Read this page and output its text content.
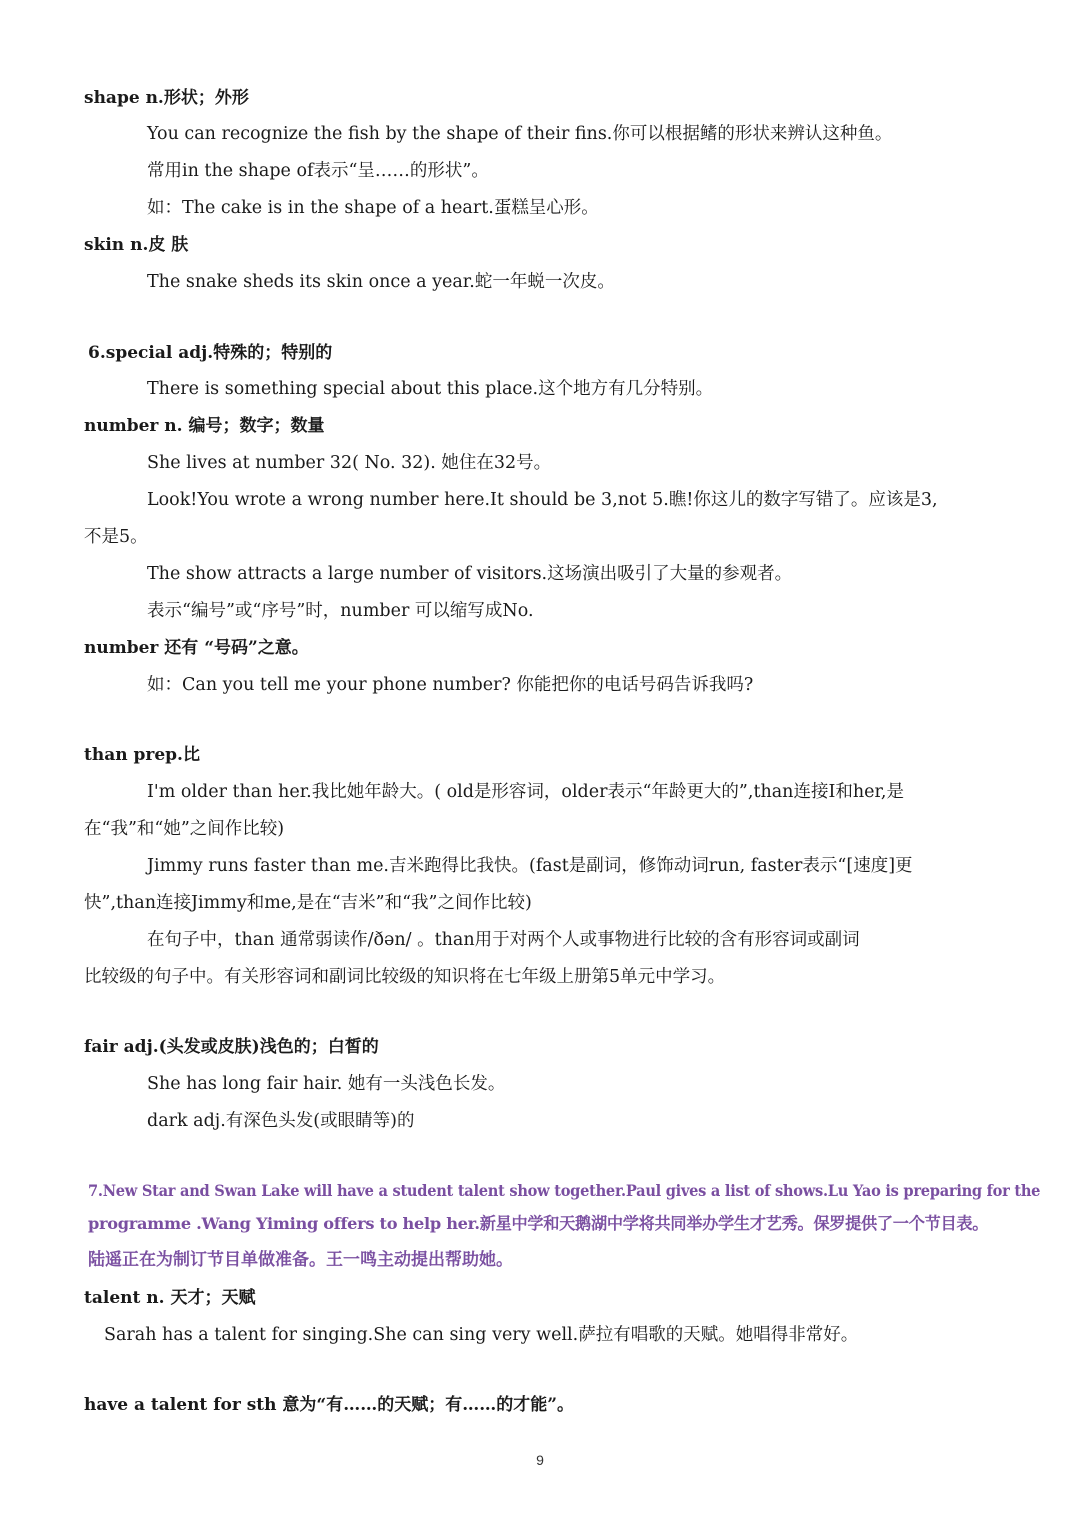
shape n.形状；外形
You can recognize the fish by the shape of their fins.你可以根据鳍的形状来辨认这种鱼。
常用in the shape of表示“呈……的形状”。
如：The cake is in the shape of a heart.蛋糕呈心形。
skin n.皮 肤
The snake sheds its skin once a year.蛇一年蜕一次皮。
6.special adj.特殊的；特别的
There is something special about this place.这个地方有几分特别。
number n. 编号；数字；数量
She lives at number 32( No. 32). 她住在32号。
Look!You wrote a wrong number here.It should be 3,not 5.瞧!你这儿的数字写错了。应该是3,
不是5。
The show attracts a large number of visitors.这场演出吸引了大量的参观者。
表示“编号”或“序号”时，number 可以缩写成No.
number 还有 “号码”之意。
如：Can you tell me your phone number? 你能把你的电话号码告诉我吗?
than prep.比
I'm older than her.我比她年龄大。( old是形容词，older表示“年龄更大的”,than连接I和her,是
在“我”和“她”之间作比较)
Jimmy runs faster than me.吉米跑得比我快。(fast是副词，修饰动词run, faster表示“[速度]更
快”,than连接Jimmy和me,是在“吉米”和“我”之间作比较)
在句子中，than 通常弱读作/ðən/ 。than用于对两个人或事物进行比较的含有形容词或副词
比较级的句子中。有关形容词和副词比较级的知识将在七年级上册第5单元中学习。
fair adj.(头发或皮肤)浅色的；白皙的
She has long fair hair. 她有一头浅色长发。
dark adj.有深色头发(或眼睛等)的
7.New Star and Swan Lake will have a student talent show together.Paul gives a list of shows.Lu Yao is preparing for the
programme .Wang Yiming offers to help her.新星中学和天鹅湖中学将共同举办学生才艺秀。保罗提供了一个节目表。
陆遥正在为制订节目单做准备。王一鸣主动提出帮助她。
talent n. 天才；天赋
Sarah has a talent for singing.She can sing very well.萨拉有唱歌的天赋。她唱得非常好。
have a talent for sth 意为“有……的天赋；有……的才能”。
9
